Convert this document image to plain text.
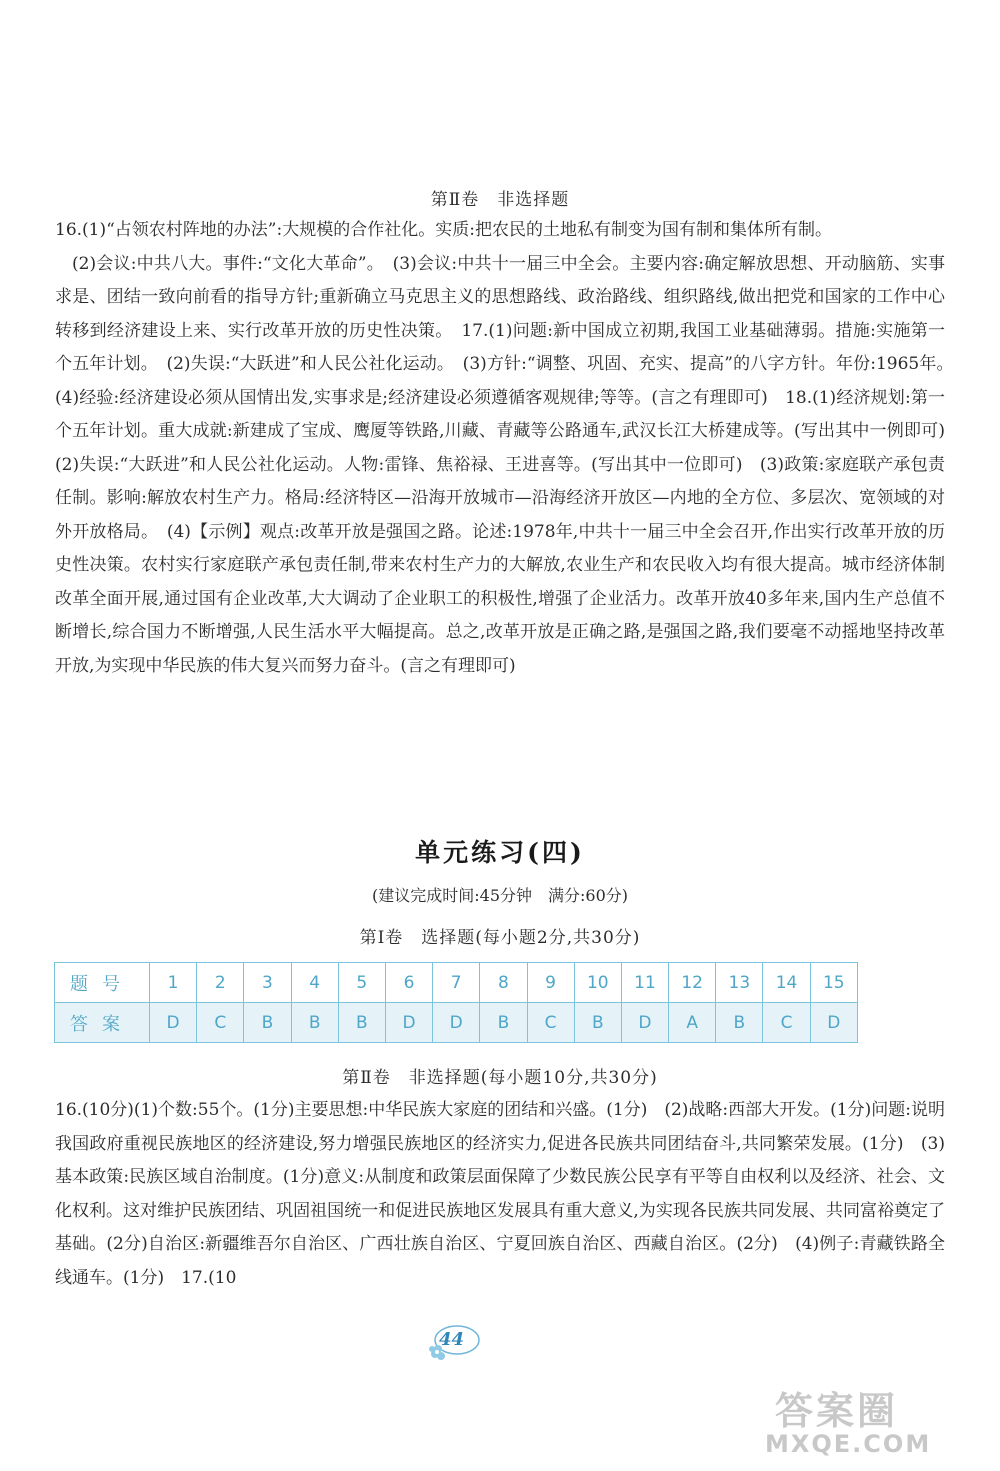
第Ⅱ卷　非选择题

16.(1)“占领农村阵地的办法”:大规模的合作社化。实质:把农民的土地私有制变为国有制和集体所有制。

(2)会议:中共八大。事件:“文化大革命”。　(3)会议:中共十一届三中全会。主要内容:确定解放思想、开动脑筋、实事求是、团结一致向前看的指导方针;重新确立马克思主义的思想路线、政治路线、组织路线,做出把党和国家的工作中心转移到经济建设上来、实行改革开放的历史性决策。　17.(1)问题:新中国成立初期,我国工业基础薄弱。措施:实施第一个五年计划。　(2)失误:“大跃进”和人民公社化运动。　(3)方针:“调整、巩固、充实、提高”的八字方针。年份:1965年。　(4)经验:经济建设必须从国情出发,实事求是;经济建设必须遵循客观规律;等等。(言之有理即可)　18.(1)经济规划:第一个五年计划。重大成就:新建成了宝成、鹰厦等铁路,川藏、青藏等公路通车,武汉长江大桥建成等。(写出其中一例即可)　(2)失误:“大跃进”和人民公社化运动。人物:雷锋、焦裕禄、王进喜等。(写出其中一位即可)　(3)政策:家庭联产承包责任制。影响:解放农村生产力。格局:经济特区—沿海开放城市—沿海经济开放区—内地的全方位、多层次、宽领域的对外开放格局。　(4)【示例】观点:改革开放是强国之路。论述:1978年,中共十一届三中全会召开,作出实行改革开放的历史性决策。农村实行家庭联产承包责任制,带来农村生产力的大解放,农业生产和农民收入均有很大提高。城市经济体制改革全面开展,通过国有企业改革,大大调动了企业职工的积极性,增强了企业活力。改革开放40多年来,国内生产总值不断增长,综合国力不断增强,人民生活水平大幅提高。总之,改革开放是正确之路,是强国之路,我们要毫不动摇地坚持改革开放,为实现中华民族的伟大复兴而努力奋斗。(言之有理即可)

单元练习(四)
(建议完成时间:45分钟　满分:60分)
第Ⅰ卷　选择题(每小题2分,共30分)
题号	1	2	3	4	5	6	7	8	9	10	11	12	13	14	15
答案	D	C	B	B	B	D	D	B	C	B	D	A	B	C	D
第Ⅱ卷　非选择题(每小题10分,共30分)

16.(10分)(1)个数:55个。(1分)主要思想:中华民族大家庭的团结和兴盛。(1分)　(2)战略:西部大开发。(1分)问题:说明我国政府重视民族地区的经济建设,努力增强民族地区的经济实力,促进各民族共同团结奋斗,共同繁荣发展。(1分)　(3)基本政策:民族区域自治制度。(1分)意义:从制度和政策层面保障了少数民族公民享有平等自由权利以及经济、社会、文化权利。这对维护民族团结、巩固祖国统一和促进民族地区发展具有重大意义,为实现各民族共同发展、共同富裕奠定了基础。(2分)自治区:新疆维吾尔自治区、广西壮族自治区、宁夏回族自治区、西藏自治区。(2分)　(4)例子:青藏铁路全线通车。(1分)　17.(10

44
答案圈
MXQE.COM
